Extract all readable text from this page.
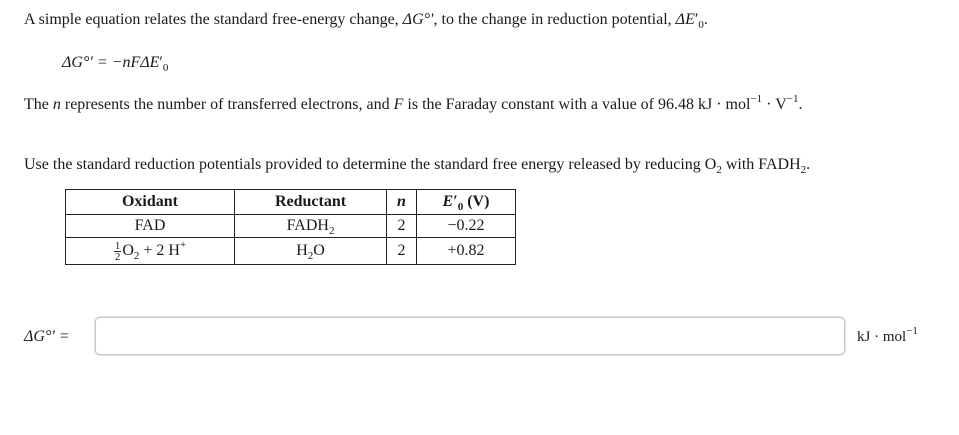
A simple equation relates the standard free-energy change, ΔG°′, to the change in reduction potential, $\Delta E'_0$.
$\Delta G^\circ' = -nF\Delta E'_0$
The n represents the number of transferred electrons, and F is the Faraday constant with a value of 96.48 kJ · $mol^{-1} \cdot V^{-1}$.
Use the standard reduction potentials provided to determine the standard free energy released by reducing $O_2$ with $FADH_2$.
Oxidant	Reductant	n	$E'_0$ (V)
FAD	$FADH_2$	2	−0.22

$\frac{1}{2} O_2 + 2$ H+	$H_2O$	2	+0.82
ΔG°′ =	kJ · mol$^{-1}$
